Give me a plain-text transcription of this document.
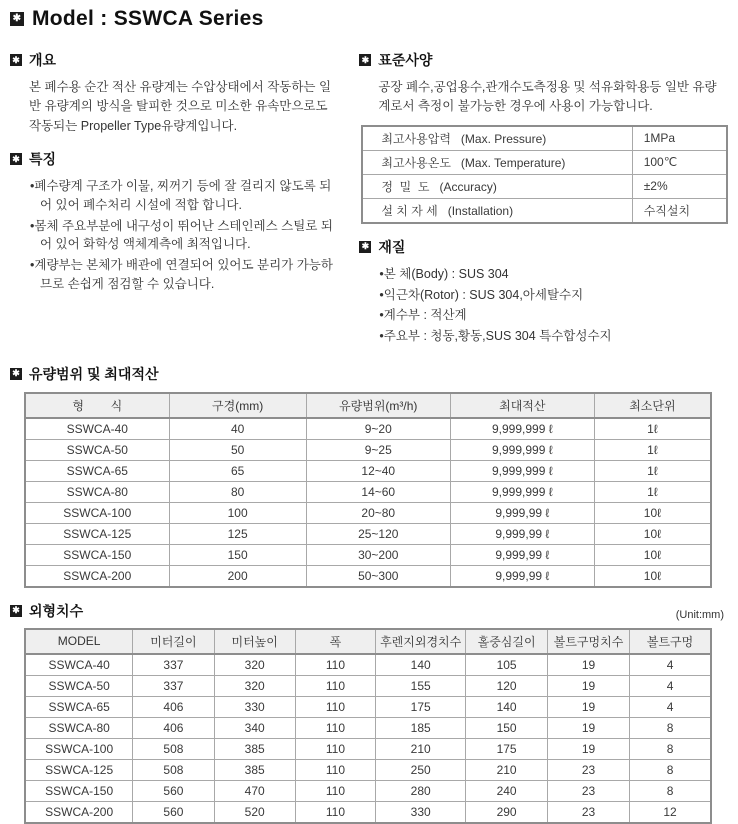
✱ Model : SSWCA Series
✱ 개요

본 폐수용 순간 적산 유량계는 수압상태에서 작동하는 일반 유량계의 방식을 탈피한 것으로 미소한 유속만으로도 작동되는 Propeller Type유량계입니다.

✱ 특징
• 폐수량계 구조가 이물, 찌꺼기 등에 잘 걸리지 않도록 되어 있어 폐수처리 시설에 적합 합니다.
• 몸체 주요부분에 내구성이 뛰어난 스테인레스 스틸로 되어 있어 화학성 액체계측에 최적입니다.
• 계량부는 본체가 배관에 연결되어 있어도 분리가 가능하므로 손쉽게 점검할 수 있습니다.
✱ 표준사양

공장 폐수,공업용수,관개수도측정용 및 석유화학용등 일반 유량계로서 측정이 불가능한 경우에 사용이 가능합니다.

최고사용압력   (Max. Pressure)	1MPa
최고사용온도   (Max. Temperature)	100℃
정  밀  도   (Accuracy)	±2%
설 치 자 세   (Installation)	수직설치
✱ 재질
• 본 체(Body) : SUS 304
• 익근차(Rotor) : SUS 304,아세탈수지
• 계수부 : 적산계
• 주요부 : 청동,황동,SUS 304 특수합성수지
✱ 유량범위 및 최대적산
형        식	구경(mm)	유량범위(m³/h)	최대적산	최소단위
SSWCA-40	40	9~20	9,999,999 ℓ	1ℓ
SSWCA-50	50	9~25	9,999,999 ℓ	1ℓ
SSWCA-65	65	12~40	9,999,999 ℓ	1ℓ
SSWCA-80	80	14~60	9,999,999 ℓ	1ℓ
SSWCA-100	100	20~80	9,999,99 ℓ	10ℓ
SSWCA-125	125	25~120	9,999,99 ℓ	10ℓ
SSWCA-150	150	30~200	9,999,99 ℓ	10ℓ
SSWCA-200	200	50~300	9,999,99 ℓ	10ℓ
✱ 외형치수	(Unit:mm)
MODEL	미터길이	미터높이	폭	후렌지외경치수	홀중심길이	볼트구멍치수	볼트구멍
SSWCA-40	337	320	110	140	105	19	4
SSWCA-50	337	320	110	155	120	19	4
SSWCA-65	406	330	110	175	140	19	4
SSWCA-80	406	340	110	185	150	19	8
SSWCA-100	508	385	110	210	175	19	8
SSWCA-125	508	385	110	250	210	23	8
SSWCA-150	560	470	110	280	240	23	8
SSWCA-200	560	520	110	330	290	23	12
